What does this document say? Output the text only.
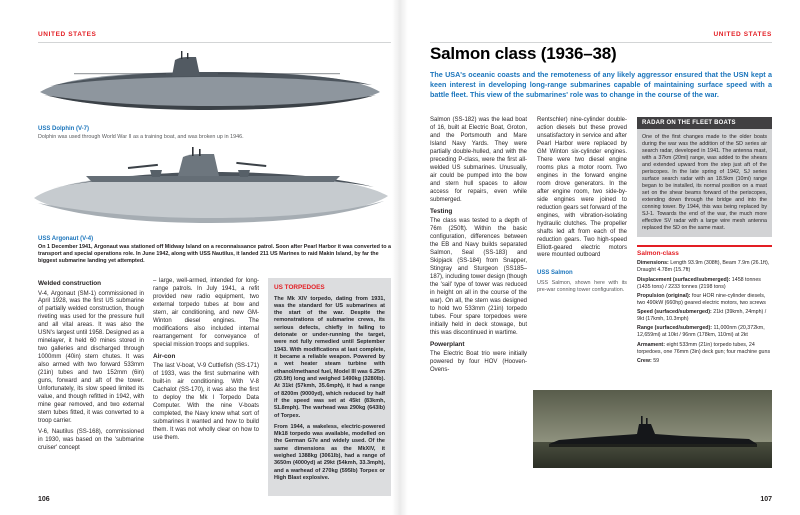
UNITED STATES
USS Dolphin (V-7)
Dolphin was used through World War II as a training boat, and was broken up in 1946.
USS Argonaut (V-4)
On 1 December 1941, Argonaut was stationed off Midway Island on a reconnaissance patrol. Soon after Pearl Harbor it was converted to a transport and special operations role. In June 1942, along with USS Nautilus, it landed 211 US Marines to raid Makin Island, by far the biggest submarine landing yet attempted.
Welded construction

V-4, Argonaut (SM-1) commissioned in April 1928, was the first US submarine of partially welded construction, though riveting was used for the pressure hull and all vital areas. It was also the USN's largest until 1958. Designed as a minelayer, it held 60 mines stored in two galleries and discharged through 1000mm (40in) stern chutes. It was also armed with two forward 533mm (21in) tubes and two 152mm (6in) guns, forward and aft of the tower. Unfortunately, its slow speed limited its value, and though refitted in 1942, with mine gear removed, and two external stern tubes fitted, it was converted to a troop carrier.

V-6, Nautilus (SS-168), commissioned in 1930, was based on the 'submarine cruiser' concept

– large, well-armed, intended for long-range patrols. In July 1941, a refit provided new radio equipment, two external torpedo tubes at bow and stern, air conditioning, and new GM-Winton diesel engines. The modifications also included internal rearrangement for conveyance of special mission troops and supplies.

Air-con

The last V-boat, V-9 Cuttlefish (SS-171) of 1933, was the first submarine with built-in air conditioning. With V-8 Cachalot (SS-170), it was also the first to deploy the Mk I Torpedo Data Computer. With the nine V-boats completed, the Navy knew what sort of submarines it wanted and how to build them. It was not wholly clear on how to use them.

US TORPEDOES

The Mk XIV torpedo, dating from 1931, was the standard for US submarines at the start of the war. Despite the remonstrations of submarine crews, its serious defects, chiefly in failing to detonate or under-running the target, were not fully remedied until September 1943. With modifications at last complete, it became a reliable weapon. Powered by a wet heater steam turbine with ethanol/methanol fuel, Model III was 6.25m (20.5ft) long and weighed 1490kg (3280lb). At 31kt (57kmh, 35.6mph), it had a range of 8200m (9000yd), which reduced by half if the speed was set at 45kt (83kmh, 51.8mph). The warhead was 290kg (643lb) of Torpex.

From 1944, a wakeless, electric-powered Mk18 torpedo was available, modelled on the German G7e and widely used. Of the same dimensions as the MkXIV, it weighed 1388kg (3061lb), had a range of 3650m (4000yd) at 29kt (54kmh, 33.3mph), and a warhead of 270kg (595lb) Torpex or High Blast explosive.

106
UNITED STATES
Salmon class (1936–38)

The USA's oceanic coasts and the remoteness of any likely aggressor ensured that the USN kept a keen interest in developing long-range submarines capable of maintaining surface speed with a battle fleet. This view of the submarines' role was to change in the course of the war.

Salmon (SS-182) was the lead boat of 16, built at Electric Boat, Groton, and the Portsmouth and Mare Island Navy Yards. They were partially double-hulled, and with the preceding P-class, were the first all-welded US submarines. Unusually, air could be pumped into the bow and stern hull spaces to allow access for repairs, even while submerged.

Testing

The class was tested to a depth of 76m (250ft). Within the basic configuration, differences between the EB and Navy builds separated Salmon, Seal (SS-183) and Skipjack (SS-184) from Snapper, Stingray and Sturgeon (SS185–187), including tower design (though the 'sail' type of tower was reduced in height on all in the course of the war). On all, the stern was designed to hold two 533mm (21in) torpedo tubes. Four spare torpedoes were initially held in deck stowage, but this was discontinued in wartime.

Powerplant

The Electric Boat trio were initially powered by four HOV (Hooven-Ovens-

Rentschler) nine-cylinder double-action diesels but these proved unsatisfactory in service and after Pearl Harbor were replaced by GM Winton six-cylinder engines. There were two diesel engine rooms plus a motor room. Two engines in the forward engine room drove generators. In the after engine room, two side-by-side engines were joined to reduction gears set forward of the engines, with vibration-isolating hydraulic clutches. The propeller shafts led aft from each of the reduction gears. Two high-speed Elliott-geared electric motors were mounted outboard

USS Salmon
USS Salmon, shown here with its pre-war conning tower configuration.
RADAR ON THE FLEET BOATS
One of the first changes made to the older boats during the war was the addition of the SD series air search radar, developed in 1941. The antenna mast, with a 37km (20mi) range, was added to the shears and extended upward from the step just aft of the periscopes. In the late spring of 1942, SJ series surface search radar with an 18.5km (10mi) range began to be installed, its normal position on a mast set on the shear beams forward of the periscopes, extending down through the bridge and into the conning tower. By 1944, this was being replaced by SJ-1. Towards the end of the war, the much more effective SV radar with a large wire mesh antenna replaced the SD on the same mast.
Salmon-class
Dimensions: Length 93.9m (308ft), Beam 7.9m (26.1ft), Draught 4.78m (15.7ft)
Displacement (surfaced/submerged): 1458 tonnes (1435 tons) / 2233 tonnes (2198 tons)
Propulsion (original): four HOR nine-cylinder diesels, two 490kW (660hp) geared electric motors, two screws
Speed (surfaced/submerged): 21kt (39kmh, 24mph) / 9kt (17kmh, 10.3mph)
Range (surfaced/submerged): 11,000nm (20,372km, 12,659mi) at 10kt / 96nm (178km, 110mi) at 2kt
Armament: eight 533mm (21in) torpedo tubes, 24 torpedoes, one 76mm (3in) deck gun; four machine guns
Crew: 59
107
